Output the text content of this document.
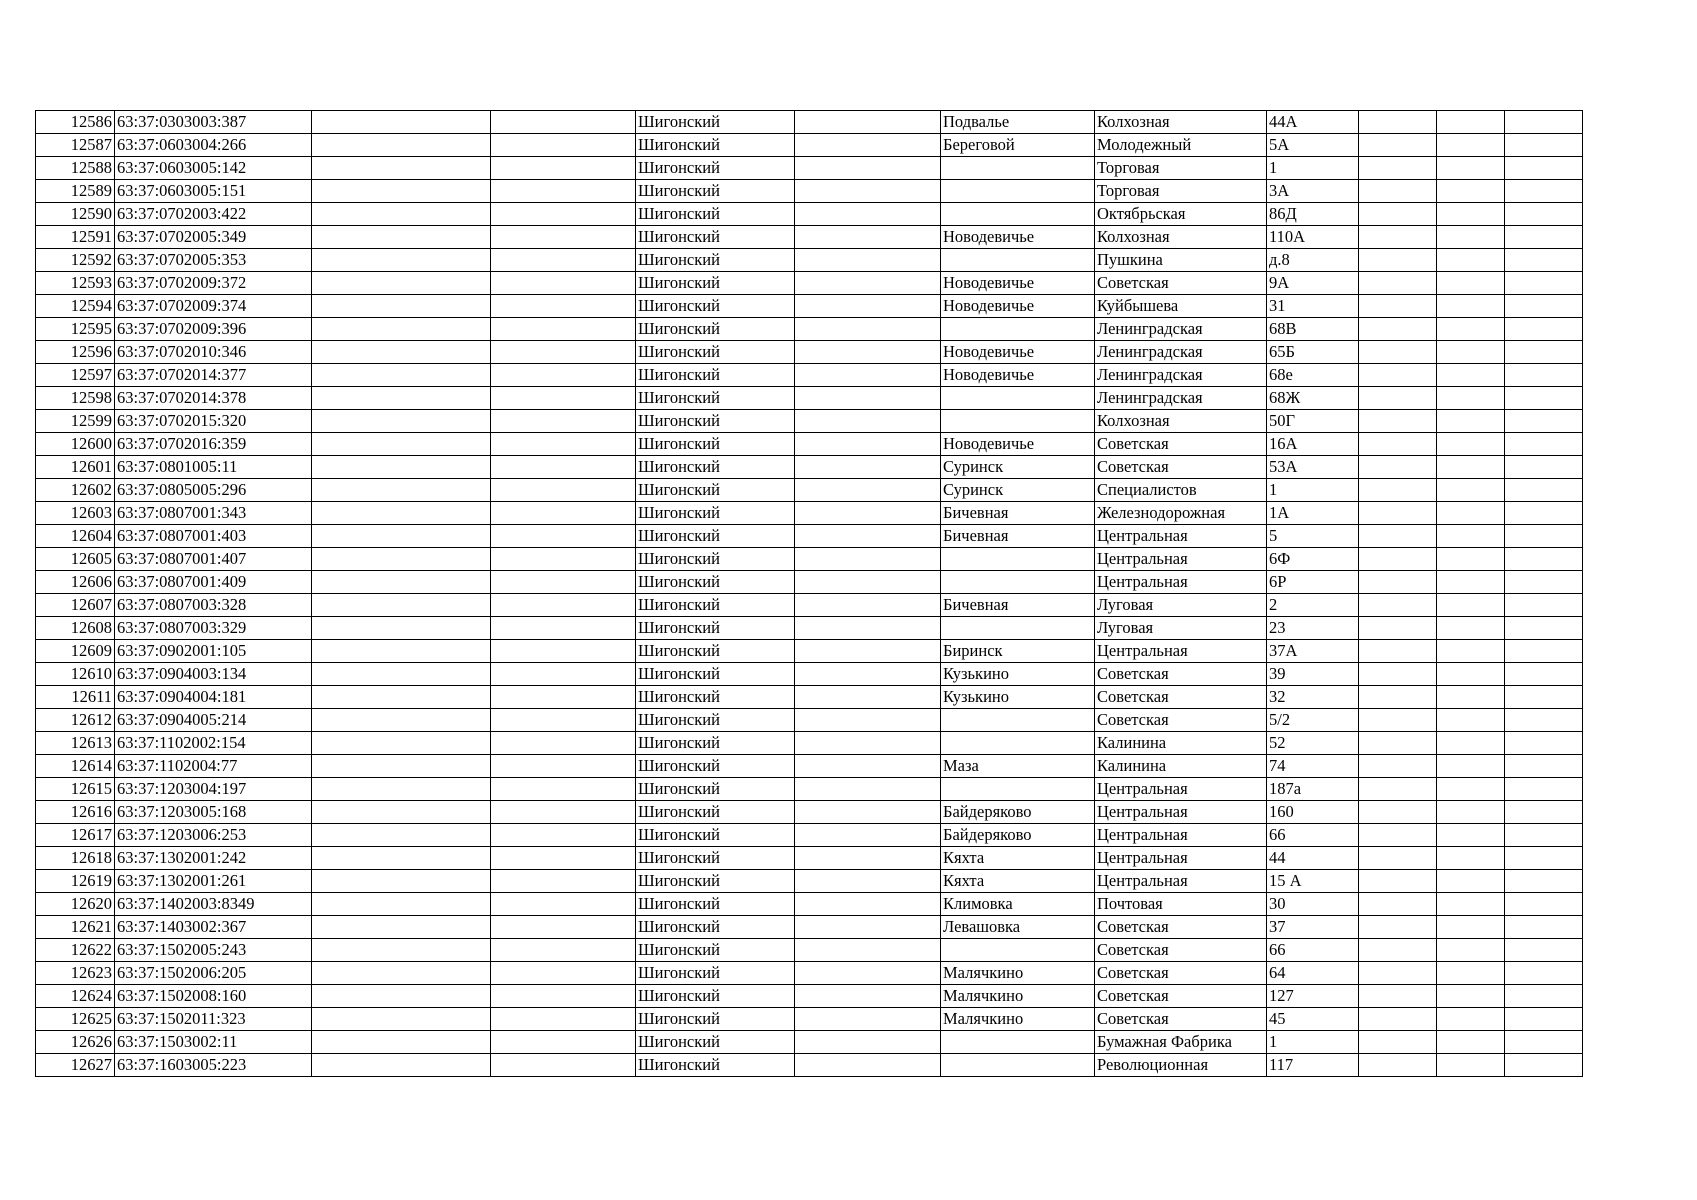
12586	63:37:0303003:387			Шигонский		Подвалье	Колхозная	44А			
12587	63:37:0603004:266			Шигонский		Береговой	Молодежный	5А			
12588	63:37:0603005:142			Шигонский			Торговая	1			
12589	63:37:0603005:151			Шигонский			Торговая	3А			
12590	63:37:0702003:422			Шигонский			Октябрьская	86Д			
12591	63:37:0702005:349			Шигонский		Новодевичье	Колхозная	110А			
12592	63:37:0702005:353			Шигонский			Пушкина	д.8			
12593	63:37:0702009:372			Шигонский		Новодевичье	Советская	9А			
12594	63:37:0702009:374			Шигонский		Новодевичье	Куйбышева	31			
12595	63:37:0702009:396			Шигонский			Ленинградская	68В			
12596	63:37:0702010:346			Шигонский		Новодевичье	Ленинградская	65Б			
12597	63:37:0702014:377			Шигонский		Новодевичье	Ленинградская	68е			
12598	63:37:0702014:378			Шигонский			Ленинградская	68Ж			
12599	63:37:0702015:320			Шигонский			Колхозная	50Г			
12600	63:37:0702016:359			Шигонский		Новодевичье	Советская	16А			
12601	63:37:0801005:11			Шигонский		Суринск	Советская	53А			
12602	63:37:0805005:296			Шигонский		Суринск	Специалистов	1			
12603	63:37:0807001:343			Шигонский		Бичевная	Железнодорожная	1А			
12604	63:37:0807001:403			Шигонский		Бичевная	Центральная	5			
12605	63:37:0807001:407			Шигонский			Центральная	6Ф			
12606	63:37:0807001:409			Шигонский			Центральная	6Р			
12607	63:37:0807003:328			Шигонский		Бичевная	Луговая	2			
12608	63:37:0807003:329			Шигонский			Луговая	23			
12609	63:37:0902001:105			Шигонский		Биринск	Центральная	37А			
12610	63:37:0904003:134			Шигонский		Кузькино	Советская	39			
12611	63:37:0904004:181			Шигонский		Кузькино	Советская	32			
12612	63:37:0904005:214			Шигонский			Советская	5/2			
12613	63:37:1102002:154			Шигонский			Калинина	52			
12614	63:37:1102004:77			Шигонский		Маза	Калинина	74			
12615	63:37:1203004:197			Шигонский			Центральная	187а			
12616	63:37:1203005:168			Шигонский		Байдеряково	Центральная	160			
12617	63:37:1203006:253			Шигонский		Байдеряково	Центральная	66			
12618	63:37:1302001:242			Шигонский		Кяхта	Центральная	44			
12619	63:37:1302001:261			Шигонский		Кяхта	Центральная	15 А			
12620	63:37:1402003:8349			Шигонский		Климовка	Почтовая	30			
12621	63:37:1403002:367			Шигонский		Левашовка	Советская	37			
12622	63:37:1502005:243			Шигонский			Советская	66			
12623	63:37:1502006:205			Шигонский		Малячкино	Советская	64			
12624	63:37:1502008:160			Шигонский		Малячкино	Советская	127			
12625	63:37:1502011:323			Шигонский		Малячкино	Советская	45			
12626	63:37:1503002:11			Шигонский			Бумажная Фабрика	1			
12627	63:37:1603005:223			Шигонский			Революционная	117			
